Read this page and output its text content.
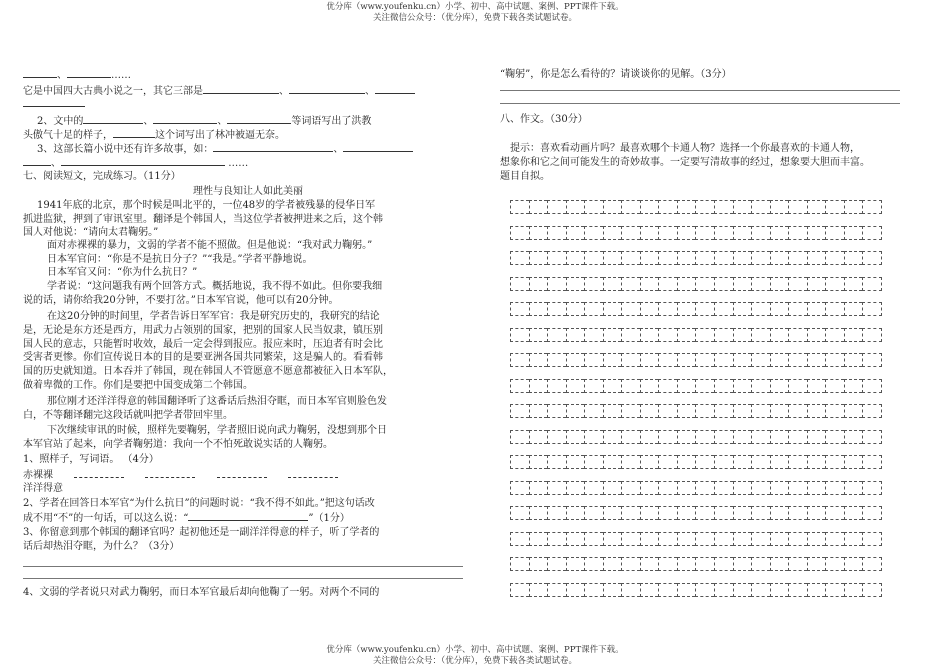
优分库（www.youfenku.cn）小学、初中、高中试题、案例、PPT课件下载。
关注微信公众号：（优分库），免费下载各类试题试卷。
、	……
它是中国四大古典小说之一，其它三部是	、	、
2、文中的	、	、	等词语写出了洪教
头傲气十足的样子，	这个词写出了林冲被逼无奈。
3、这部长篇小说中还有许多故事，如：	、
、	……
七、阅读短文，完成练习。（11分）
理性与良知让人如此美丽
1941年底的北京，那个时候是叫北平的，一位48岁的学者被残暴的侵华日军
抓进监狱，押到了审讯室里。翻译是个韩国人，当这位学者被押进来之后，这个韩
国人对他说：“请向太君鞠躬。”
面对赤裸裸的暴力，文弱的学者不能不照做。但是他说：“我对武力鞠躬。”
日本军官问：“你是不是抗日分子？”“我是。”学者平静地说。
日本军官又问：“你为什么抗日？”
学者说：“这问题我有两个回答方式。概括地说，我不得不如此。但你要我细
说的话，请你给我20分钟，不要打岔。”日本军官说，他可以有20分钟。
在这20分钟的时间里，学者告诉日军军官：我是研究历史的，我研究的结论
是，无论是东方还是西方，用武力占领别的国家，把别的国家人民当奴隶，镇压别
国人民的意志，只能暂时收效，最后一定会得到报应。报应来时，压迫者有时会比
受害者更惨。你们宣传说日本的目的是要亚洲各国共同繁荣，这是骗人的。看看韩
国的历史就知道。日本吞并了韩国，现在韩国人不管愿意不愿意都被征入日本军队，
做着卑微的工作。你们是要把中国变成第二个韩国。
那位刚才还洋洋得意的韩国翻译听了这番话后热泪夺眶，而日本军官则脸色发
白，不等翻译翻完这段话就叫把学者带回牢里。
下次继续审讯的时候，照样先要鞠躬，学者照旧说向武力鞠躬，没想到那个日
本军官站了起来，向学者鞠躬道：我向一个不怕死敢说实话的人鞠躬。
1、照样子，写词语。 （4分）
赤裸裸
洋洋得意
2、学者在回答日本军官“为什么抗日”的问题时说：“我不得不如此。”把这句话改
成不用“不”的一句话，可以这么说：“	”（1分）
3、你留意到那个韩国的翻译官吗？起初他还是一副洋洋得意的样子，听了学者的
话后却热泪夺眶，为什么？（3分）
4、文弱的学者说只对武力鞠躬，而日本军官最后却向他鞠了一躬。对两个不同的
“鞠躬”，你是怎么看待的？请谈谈你的见解。（3分）
八、作文。（30分）
提示：喜欢看动画片吗？最喜欢哪个卡通人物？选择一个你最喜欢的卡通人物，
想象你和它之间可能发生的奇妙故事。一定要写清故事的经过，想象要大胆而丰富。
题目自拟。
优分库（www.youfenku.cn）小学、初中、高中试题、案例、PPT课件下载。
关注微信公众号：（优分库），免费下载各类试题试卷。
